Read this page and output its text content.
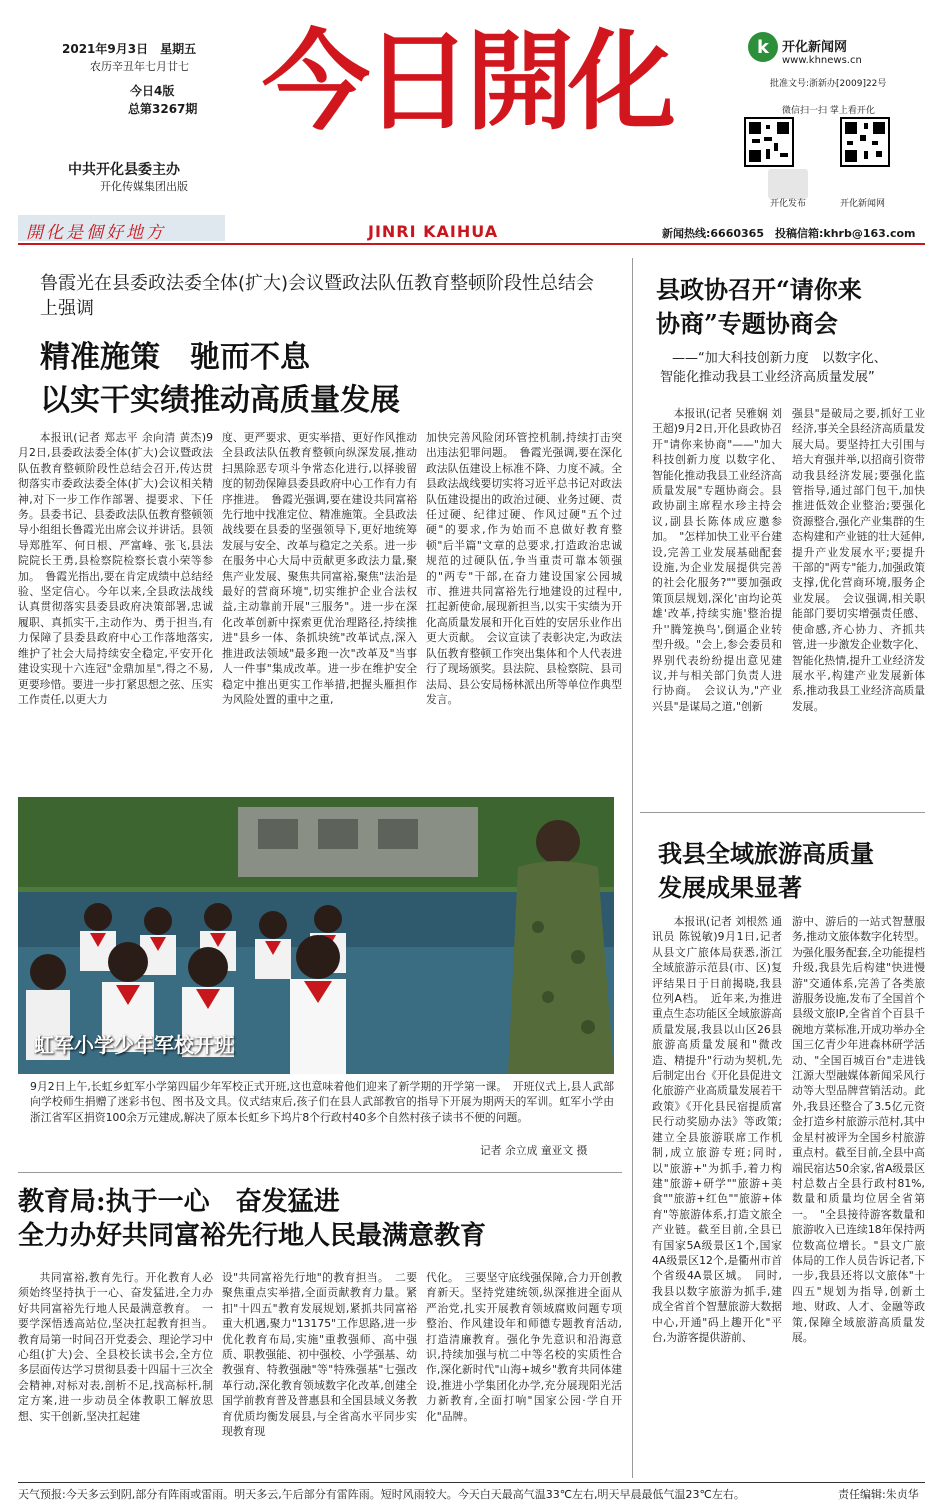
2021年9月3日　星期五
农历辛丑年七月廿七
今日4版
总第3267期
中共开化县委主办
开化传媒集团出版
今日開化
JINRI KAIHUA
開化是個好地方
k 开化新闻网
www.khnews.cn
批准文号:浙新办[2009]22号
微信扫一扫 掌上看开化
开化发布	开化新闻网
新闻热线:6660365　投稿信箱:khrb@163.com
鲁霞光在县委政法委全体(扩大)会议暨政法队伍教育整顿阶段性总结会上强调
精准施策　驰而不息
以实干实绩推动高质量发展

本报讯(记者 郑志平 余向清 黄杰)9月2日,县委政法委全体(扩大)会议暨政法队伍教育整顿阶段性总结会召开,传达贯彻落实市委政法委全体(扩大)会议相关精神,对下一步工作作部署、提要求、下任务。县委书记、县委政法队伍教育整顿领导小组组长鲁霞光出席会议并讲话。县领导郑胜军、何日根、严富峰、张飞,县法院院长王勇,县检察院检察长袁小荣等参加。　鲁霞光指出,要在肯定成绩中总结经验、坚定信心。今年以来,全县政法战线认真贯彻落实县委县政府决策部署,忠诚履职、真抓实干,主动作为、勇于担当,有力保障了县委县政府中心工作落地落实,维护了社会大局持续安全稳定,平安开化建设实现十六连冠"金鼎加星",得之不易,更要珍惜。要进一步打紧思想之弦、压实工作责任,以更大力

度、更严要求、更实举措、更好作风推动全县政法队伍教育整顿向纵深发展,推动扫黑除恶专项斗争常态化进行,以择骏留度的韧劲保障县委县政府中心工作有力有序推进。　鲁霞光强调,要在建设共同富裕先行地中找准定位、精准施策。全县政法战线要在县委的坚强领导下,更好地统筹发展与安全、改革与稳定之关系。进一步在服务中心大局中贡献更多政法力量,聚焦产业发展、聚焦共同富裕,聚焦"法治是最好的营商环境",切实维护企业合法权益,主动靠前开展"三服务"。进一步在深化改革创新中探索更优治理路径,持续推进"县乡一体、条抓块统"改革试点,深入推进政法领域"最多跑一次"改革及"当事人一件事"集成改革。进一步在维护安全稳定中推出更实工作举措,把握头雁担作为风险处置的重中之重,

加快完善风险闭环管控机制,持续打击突出违法犯罪问题。　鲁霞光强调,要在深化政法队伍建设上标准不降、力度不减。全县政法战线要切实将习近平总书记对政法队伍建设提出的政治过硬、业务过硬、责任过硬、纪律过硬、作风过硬"五个过硬"的要求,作为始而不息做好教育整顿"后半篇"文章的总要求,打造政治忠诚规范的过硬队伍,争当重责可靠本领强的"两专"干部,在奋力建设国家公园城市、推进共同富裕先行地建设的过程中,扛起新使命,展现新担当,以实干实绩为开化高质量发展和开化百姓的安居乐业作出更大贡献。　会议宣读了表彰决定,为政法队伍教育整顿工作突出集体和个人代表进行了现场颁奖。县法院、县检察院、县司法局、县公安局杨林派出所等单位作典型发言。

虹军小学少年军校开班
9月2日上午,长虹乡虹军小学第四届少年军校正式开班,这也意味着他们迎来了新学期的开学第一课。　开班仪式上,县人武部向学校师生捐赠了迷彩书包、图书及文具。仪式结束后,孩子们在县人武部教官的指导下开展为期两天的军训。虹军小学由浙江省军区捐资100余万元建成,解决了原本长虹乡下坞片8个行政村40多个自然村孩子读书不便的问题。
记者 余立成 童亚文 摄
教育局:执于一心　奋发猛进
全力办好共同富裕先行地人民最满意教育

共同富裕,教育先行。开化教育人必须始终坚持执于一心、奋发猛进,全力办好共同富裕先行地人民最满意教育。　一要学深悟透高站位,坚决扛起教育担当。教育局第一时间召开党委会、理论学习中心组(扩大)会、全县校长读书会,全方位多层面传达学习贯彻县委十四届十三次全会精神,对标对表,剖析不足,找高标杆,制定方案,进一步动员全体教职工解放思想、实干创新,坚决扛起建

设"共同富裕先行地"的教育担当。　二要聚焦重点实举措,全面贡献教育力量。紧扣"十四五"教育发展规划,紧抓共同富裕重大机遇,聚力"13175"工作思路,进一步优化教育布局,实施"重教强师、高中强质、职教强能、初中强校、小学强基、幼教强育、特教强融"等"特殊强基"七强改革行动,深化教育领域数字化改革,创建全国学前教育普及普惠县和全国县域义务教育优质均衡发展县,与全省高水平同步实现教育现

代化。　三要坚守底线强保障,合力开创教育新天。坚持党建统领,纵深推进全面从严治党,扎实开展教育领域腐败问题专项整治、作风建设年和师德专题教育活动,打造清廉教育。强化争先意识和沿海意识,持续加强与杭二中等名校的实质性合作,深化新时代"山海+城乡"教育共同体建设,推进小学集团化办学,充分展现阳光活力新教育,全面打响"国家公园·学自开化"品牌。

县政协召开“请你来
协商”专题协商会
——“加大科技创新力度　以数字化、
智能化推动我县工业经济高质量发展”

本报讯(记者 吴雅娴 刘王超)9月2日,开化县政协召开"请你来协商"——"加大科技创新力度 以数字化、智能化推动我县工业经济高质量发展"专题协商会。县政协副主席程水珍主持会议,副县长陈体成应邀参加。　"怎样加快工业平台建设,完善工业发展基础配套设施,为企业发展提供完善的社会化服务?""要加强政策顶层规划,深化'亩均论英雄'改革,持续实施'整治提升''腾笼换鸟',倒逼企业转型升级。"会上,参会委员和界别代表纷纷提出意见建议,并与相关部门负责人进行协商。　会议认为,"产业兴县"是谋局之道,"创新

强县"是破局之要,抓好工业经济,事关全县经济高质量发展大局。要坚持扛大引围与培大育强并举,以招商引资带动我县经济发展;要强化监管指导,通过部门包干,加快推进低效企业整治;要强化资源整合,强化产业集群的生态构建和产业链的壮大延伸,提升产业发展水平;要提升干部的"两专"能力,加强政策支撑,优化营商环境,服务企业发展。　会议强调,相关职能部门要切实增强责任感、使命感,齐心协力、齐抓共管,进一步激发企业数字化、智能化热情,提升工业经济发展水平,构建产业发展新体系,推动我县工业经济高质量发展。

我县全域旅游高质量
发展成果显著

本报讯(记者 刘根然 通讯员 陈锐敏)9月1日,记者从县文广旅体局获悉,浙江全域旅游示范县(市、区)复评结果日于日前揭晓,我县位列A档。　近年来,为推进重点生态功能区全域旅游高质量发展,我县以山区26县旅游高质量发展和"微改造、精提升"行动为契机,先后制定出台《开化县促进文化旅游产业高质量发展若干政策》《开化县民宿提质富民行动奖励办法》等政策;建立全县旅游联席工作机制,成立旅游专班;同时,以"旅游+"为抓手,着力构建"旅游+研学""旅游+美食""旅游+红色""旅游+体育"等旅游体系,打造文旅全产业链。截至目前,全县已有国家5A级景区1个,国家4A级景区12个,是衢州市首个省级4A景区城。　同时,我县以数字旅游为抓手,建成全省首个智慧旅游大数据中心,开通"码上趣开化"平台,为游客提供游前、

游中、游后的一站式智慧服务,推动文旅体数字化转型。为强化服务配套,全功能提档升级,我县先后构建"快进慢游"交通体系,完善了各类旅游服务设施,发布了全国首个县级文旅IP,全省首个百县千碗地方菜标准,开成功举办全国三亿青少年进森林研学活动、"全国百城百台"走进钱江源大型融媒体新闻采风行动等大型品牌营销活动。此外,我县还整合了3.5亿元资金打造乡村旅游示范村,其中金星村被评为全国乡村旅游重点村。截至目前,全县中高端民宿达50余家,省A级景区村总数占全县行政村81%,数量和质量均位居全省第一。　"全县接待游客数量和旅游收入已连续18年保持两位数高位增长。"县文广旅体局的工作人员告诉记者,下一步,我县还将以文旅体"十四五"规划为指导,创新土地、财政、人才、金融等政策,保障全域旅游高质量发展。

天气预报:今天多云到阴,部分有阵雨或雷雨。明天多云,午后部分有雷阵雨。短时风雨较大。今天白天最高气温33℃左右,明天早晨最低气温23℃左右。	责任编辑:朱贞华
